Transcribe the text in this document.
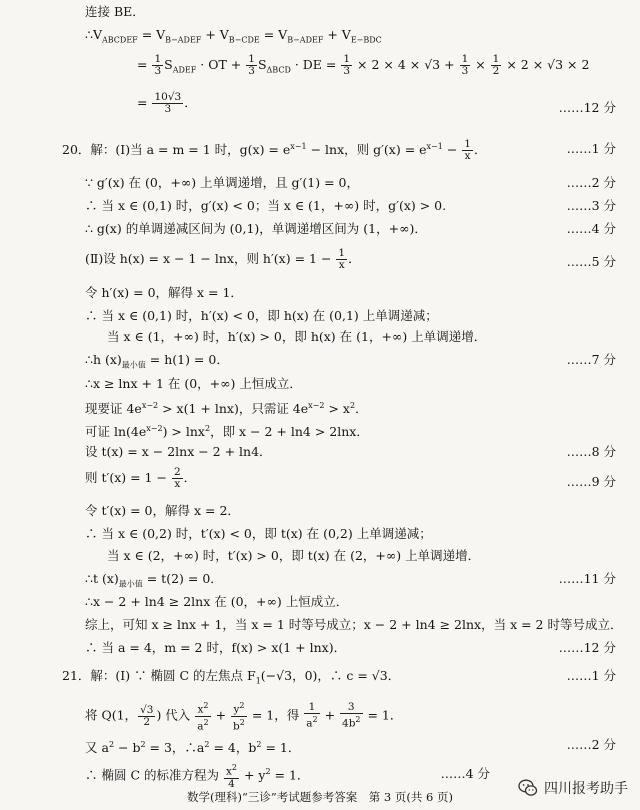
连接 BE．
$\therefore V_{ABCDEF} = V_{B-ADEF} + V_{B-CDE} = V_{B-ADEF} + V_{E-BDC}$
= $\frac{1}{3} S_{ADEF}$ · OT + $\frac{1}{3} S_{\Delta BCD}$ · DE = $\frac{1}{3} \times 2 \times 4 \times √3 + \frac{1}{3} \times \frac{1}{2} \times 2 \times √3 \times 2$
= $\frac{10√3}{3}$ ．	……12 分
20．解：(Ⅰ)当 a = m = 1 时，$g(x) = e^{x-1} - \ln x$，则 $g'(x) = e^{x-1} - \frac{1}{x}$ ．	……1 分
∵ g′(x) 在 (0，+∞) 上单调递增，且 g′(1) = 0，	……2 分
∴ 当 x ∈ (0,1) 时，g′(x) < 0；当 x ∈ (1，+∞) 时，g′(x) > 0.	……3 分
∴ g(x) 的单调递减区间为 (0,1)，单调递增区间为 (1，+∞)．	……4 分
(Ⅱ)设 h(x) = x − 1 − lnx，则 $h'(x) = 1 - \frac{1}{x}$ ．	……5 分
令 h′(x) = 0，解得 x = 1．
∴ 当 x ∈ (0,1) 时，h′(x) < 0，即 h(x) 在 (0,1) 上单调递减；
当 x ∈ (1，+∞) 时，h′(x) > 0，即 h(x) 在 (1，+∞) 上单调递增．
∴h $(x)_{最小值} = h(1) = 0$．	……7 分
∴x ≥ lnx + 1 在 (0，+∞) 上恒成立．
现要证 $4e^{x-2} > x(1 + \ln x)$，只需证 $4e^{x-2} > x^2$．
可证 $\ln(4e^{x-2}) > \ln x^2$，即 x − 2 + ln4 > 2lnx．
设 t(x) = x − 2lnx − 2 + ln4．	……8 分
则 $t'(x) = 1 - \frac{2}{x}$ ．	……9 分
令 t′(x) = 0，解得 x = 2．
∴ 当 x ∈ (0,2) 时，t′(x) < 0，即 t(x) 在 (0,2) 上单调递减；
当 x ∈ (2，+∞) 时，t′(x) > 0，即 t(x) 在 (2，+∞) 上单调递增．
∴t $(x)_{最小值} = t(2) = 0$．	……11 分
∴x − 2 + ln4 ≥ 2lnx 在 (0，+∞) 上恒成立．
综上，可知 x ≥ lnx + 1，当 x = 1 时等号成立；x − 2 + ln4 ≥ 2lnx，当 x = 2 时等号成立．
∴ 当 a = 4，m = 2 时，f(x) > x(1 + lnx)．	……12 分
21．解：(Ⅰ) ∵ 椭圆 C 的左焦点 $F_1(-√3$，0)，∴ c = √3．	……1 分
将 Q(1， $\frac{√3}{2}$ ) 代入 $\frac{x^2}{a^2} + \frac{y^2}{b^2} = 1$，得 $\frac{1}{a^2} + \frac{3}{4b^2} = 1$．
又 $a^2 - b^2 = 3$，$\therefore a^2 = 4$，$b^2 = 1$．	……2 分
∴ 椭圆 C 的标准方程为 $\frac{x^2}{4} + y^2 = 1$．	……4 分
数学(理科)“三诊”考试题参考答案　第 3 页(共 6 页)	四川报考助手
